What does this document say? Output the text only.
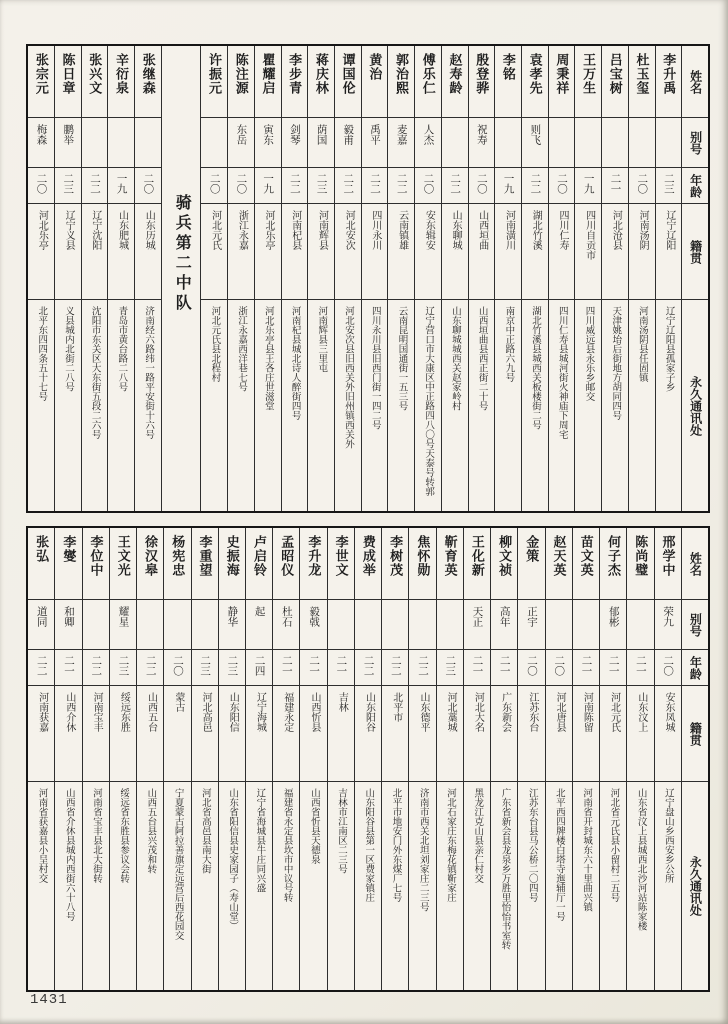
姓名
别号
年龄
籍贯
永久通讯处
李升禹
二三
辽宁辽阳
辽宁辽阳县孤家子乡
杜玉玺
二〇
河南汤阴
河南汤阴县任固镇
吕宝树
二一
河北沧县
天津姚坮后街地方胡同四号
王万生
一九
四川自贡市
四川威远县永乐乡邮交
周秉祥
二〇
四川仁寿
四川仁寿县城河街火神庙下周宅
袁孝先
则飞
二二
湖北竹溪
湖北竹溪县城西关板楼街二号
李铭
一九
河南潢川
南京中正路六九号
殷登骅
祝寿
二〇
山西垣曲
山西垣曲县西正街二十号
赵寿龄
二二
山东聊城
山东聊城城西关赵家岭村
傅乐仁
人杰
二〇
安东辑安
辽宁营口市大康区中正路四八〇号天泰号转郭
郭治熙
麦嘉
二二
云南镇雄
云南昆明国通街一五三号
黄治
禹平
二二
四川永川
四川永川县旧西门街一四二号
谭国伦
毅甫
二二
河北安次
河北安次县旧西关外旧州镇西关外
蒋庆林
荫国
二三
河南辉县
河南辉县三里屯
李步青
剑琴
二二
河南杞县
河南杞县城北诗人醉街四号
瞿耀启
寅东
一九
河北乐亭
河北乐亭县王各庄世滋堂
陈注源
东岳
二〇
浙江永嘉
浙江永嘉西洋巷七号
许振元
二〇
河北元氏
河北元氏县北程村
骑兵第二中队
张继森
二〇
山东历城
济南经六路纬一路平安街十六号
辛衍泉
一九
山东肥城
青岛市黄台路二八号
张兴文
二二
辽宁沈阳
沈阳市东关区大东街五段二六号
陈日章
鹏举
二三
辽宁义县
义县城内北街二八号
张宗元
梅森
二〇
河北乐亭
北平东四四条五十七号
姓名
别号
年龄
籍贯
永久通讯处
邢学中
荣九
二〇
安东凤城
辽宁盘山乡西安乡公所
陈尚璧
二一
山东汶上
山东省汶上县城西北沙河站陈家楼
何子杰
郁彬
二一
河北元氏
河北省元氏县小留村二五号
苗文英
二一
河南陈留
河南省开封城东六十里曲兴镇
赵天英
二〇
河北唐县
北平西四牌楼白塔寺迤辅厅一号
金策
正宇
二〇
江苏东台
江苏东台县马公桥二〇四号
柳文祯
高年
二一
广东新会
广东省新会县龙泉乡万胜里怡怡书室转
王化新
天正
二一
河北大名
黑龙江克山县亲仁村交
靳育英
二三
河北藁城
河北石家庄东梅花镇靳家庄
焦怀勋
二二
山东德平
济南市西关北坦刘家庄二三号
李树茂
二二
北平市
北平市地安门外东煤厂七号
费成举
二二
山东阳谷
山东阳谷县第一区费家镇庄
李世文
二一
吉林
吉林市江南区二三号
李升龙
毅戟
二一
山西忻县
山西省忻县天德泉
孟昭仪
杜石
二一
福建永定
福建省永定县坎市中议号转
卢启铃
起
二四
辽宁海城
辽宁省海城县牛庄同兴盛
史振海
静华
二三
山东阳信
山东省阳信县史家园子（寿山堂）
李重望
二三
河北高邑
河北省高邑县南大街
杨宪忠
二〇
蒙古
宁夏蒙古阿拉善旗定远营后西花园交
徐汉皋
二二
山西五台
山西五台县兴茂和转
王文光
耀星
二三
绥远东胜
绥远省东胜县参议会转
李位中
二二
河南宝丰
河南省宝丰县北大街转
李燮
和卿
二一
山西介休
山西省介休县城内西街六十八号
张弘
道同
二二
河南获嘉
河南省获嘉县小呈村交
1431
